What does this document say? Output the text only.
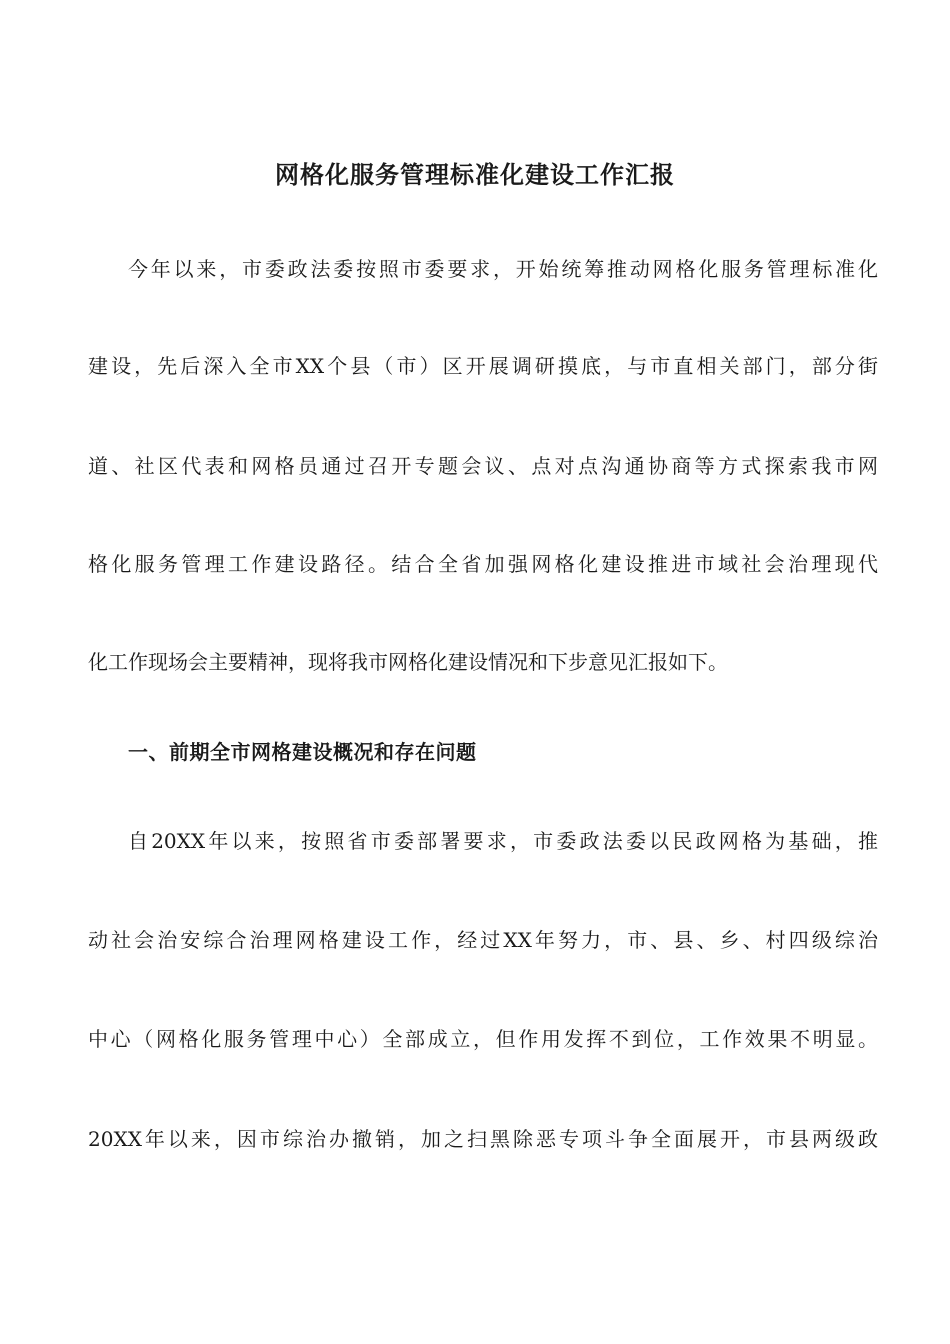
网格化服务管理标准化建设工作汇报
今年以来，市委政法委按照市委要求，开始统筹推动网格化服务管理标准化
建设，先后深入全市XX个县（市）区开展调研摸底，与市直相关部门，部分街
道、社区代表和网格员通过召开专题会议、点对点沟通协商等方式探索我市网
格化服务管理工作建设路径。结合全省加强网格化建设推进市域社会治理现代
化工作现场会主要精神，现将我市网格化建设情况和下步意见汇报如下。
一、前期全市网格建设概况和存在问题
自20XX年以来，按照省市委部署要求，市委政法委以民政网格为基础，推
动社会治安综合治理网格建设工作，经过XX年努力，市、县、乡、村四级综治
中心（网格化服务管理中心）全部成立，但作用发挥不到位，工作效果不明显。
20XX年以来，因市综治办撤销，加之扫黑除恶专项斗争全面展开，市县两级政
